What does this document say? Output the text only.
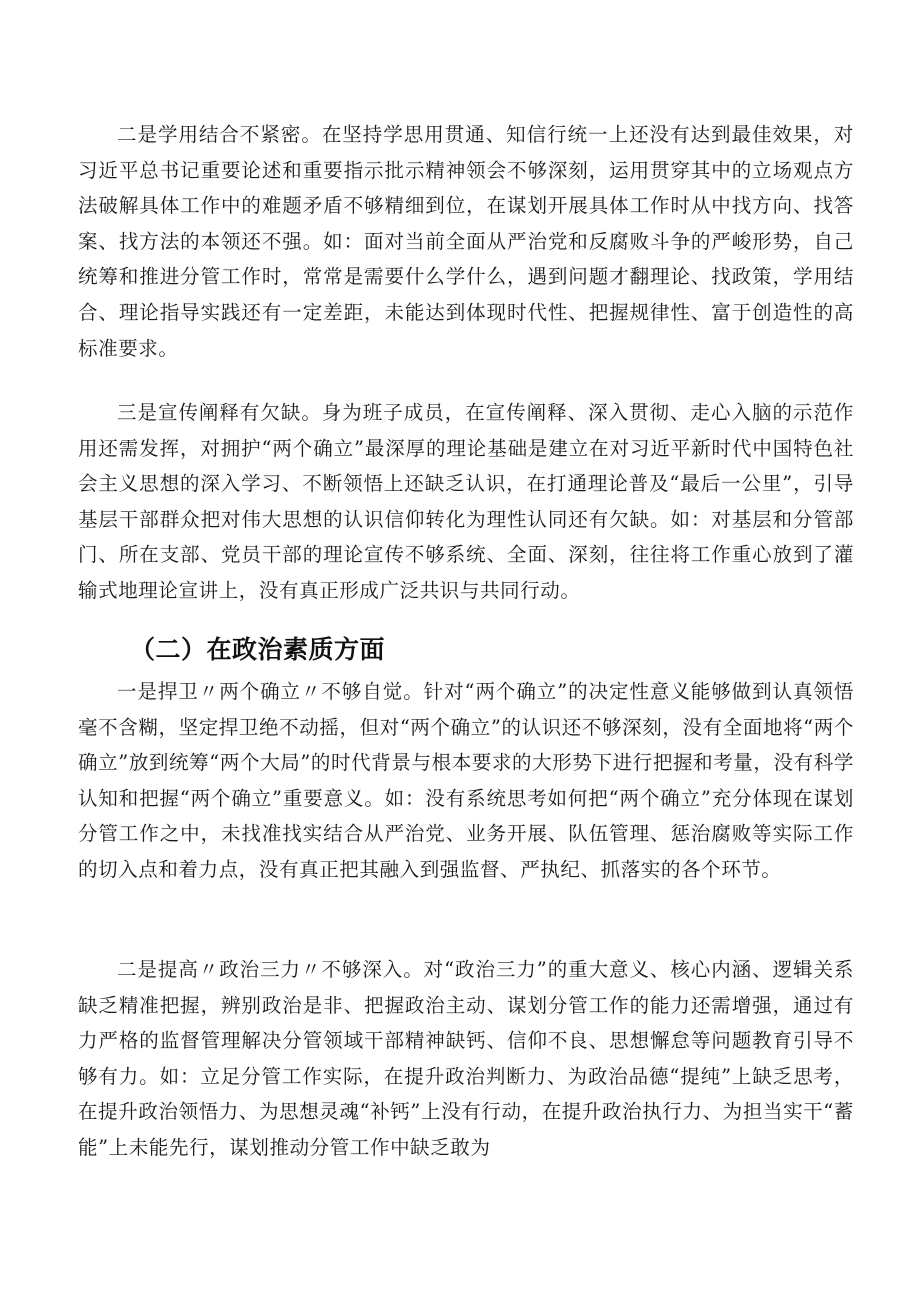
二是学用结合不紧密。在坚持学思用贯通、知信行统一上还没有达到最佳效果，对习近平总书记重要论述和重要指示批示精神领会不够深刻，运用贯穿其中的立场观点方法破解具体工作中的难题矛盾不够精细到位，在谋划开展具体工作时从中找方向、找答案、找方法的本领还不强。如：面对当前全面从严治党和反腐败斗争的严峻形势，自己统筹和推进分管工作时，常常是需要什么学什么，遇到问题才翻理论、找政策，学用结合、理论指导实践还有一定差距，未能达到体现时代性、把握规律性、富于创造性的高标准要求。

三是宣传阐释有欠缺。身为班子成员，在宣传阐释、深入贯彻、走心入脑的示范作用还需发挥，对拥护“两个确立”最深厚的理论基础是建立在对习近平新时代中国特色社会主义思想的深入学习、不断领悟上还缺乏认识，在打通理论普及“最后一公里”，引导基层干部群众把对伟大思想的认识信仰转化为理性认同还有欠缺。如：对基层和分管部门、所在支部、党员干部的理论宣传不够系统、全面、深刻，往往将工作重心放到了灌输式地理论宣讲上，没有真正形成广泛共识与共同行动。

（二）在政治素质方面

一是捍卫〃两个确立〃不够自觉。针对“两个确立”的决定性意义能够做到认真领悟毫不含糊，坚定捍卫绝不动摇，但对“两个确立”的认识还不够深刻，没有全面地将“两个确立”放到统筹“两个大局”的时代背景与根本要求的大形势下进行把握和考量，没有科学认知和把握“两个确立”重要意义。如：没有系统思考如何把“两个确立”充分体现在谋划分管工作之中，未找准找实结合从严治党、业务开展、队伍管理、惩治腐败等实际工作的切入点和着力点，没有真正把其融入到强监督、严执纪、抓落实的各个环节。

二是提高〃政治三力〃不够深入。对“政治三力”的重大意义、核心内涵、逻辑关系缺乏精准把握，辨别政治是非、把握政治主动、谋划分管工作的能力还需增强，通过有力严格的监督管理解决分管领域干部精神缺钙、信仰不良、思想懈怠等问题教育引导不够有力。如：立足分管工作实际，在提升政治判断力、为政治品德“提纯”上缺乏思考，在提升政治领悟力、为思想灵魂“补钙”上没有行动，在提升政治执行力、为担当实干“蓄能”上未能先行，谋划推动分管工作中缺乏敢为
